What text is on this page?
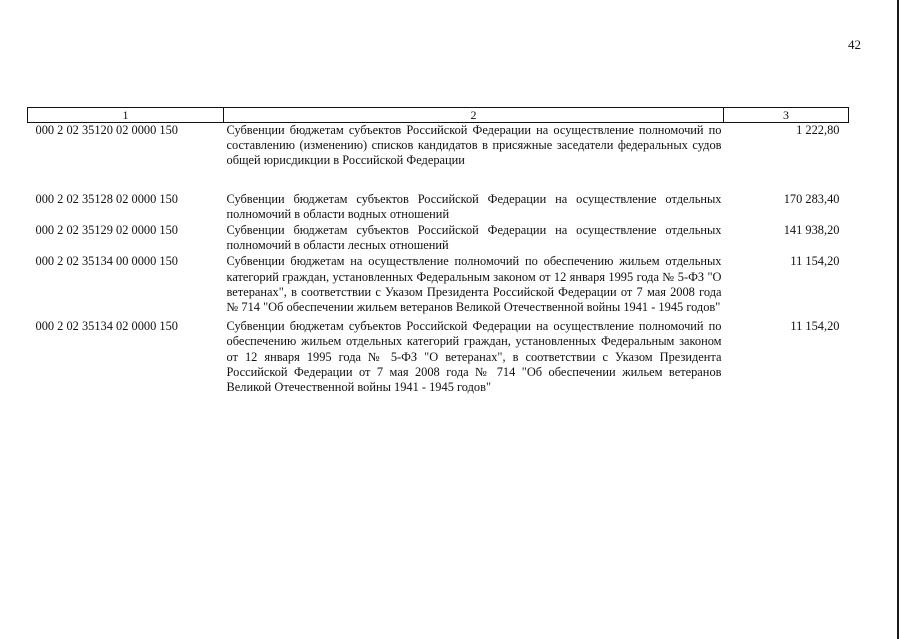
42
1	2	3
000 2 02 35120 02 0000 150	Субвенции бюджетам субъектов Российской Федерации на осуществление полномочий по составлению (изменению) списков кандидатов в присяжные заседатели федеральных судов общей юрисдикции в Российской Федерации	1 222,80
000 2 02 35128 02 0000 150	Субвенции бюджетам субъектов Российской Федерации на осуществление отдельных полномочий в области водных отношений	170 283,40
000 2 02 35129 02 0000 150	Субвенции бюджетам субъектов Российской Федерации на осуществление отдельных полномочий в области лесных отношений	141 938,20
000 2 02 35134 00 0000 150	Субвенции бюджетам на осуществление полномочий по обеспечению жильем отдельных категорий граждан, установленных Федеральным законом от 12 января 1995 года № 5-ФЗ "О ветеранах", в соответствии с Указом Президента Российской Федерации от 7 мая 2008 года № 714 "Об обеспечении жильем ветеранов Великой Отечественной войны 1941 - 1945 годов"	11 154,20
000 2 02 35134 02 0000 150	Субвенции бюджетам субъектов Российской Федерации на осуществление полномочий по обеспечению жильем отдельных категорий граждан, установленных Федеральным законом от 12 января 1995 года № 5-ФЗ "О ветеранах", в соответствии с Указом Президента Российской Федерации от 7 мая 2008 года № 714 "Об обеспечении жильем ветеранов Великой Отечественной войны 1941 - 1945 годов"	11 154,20
